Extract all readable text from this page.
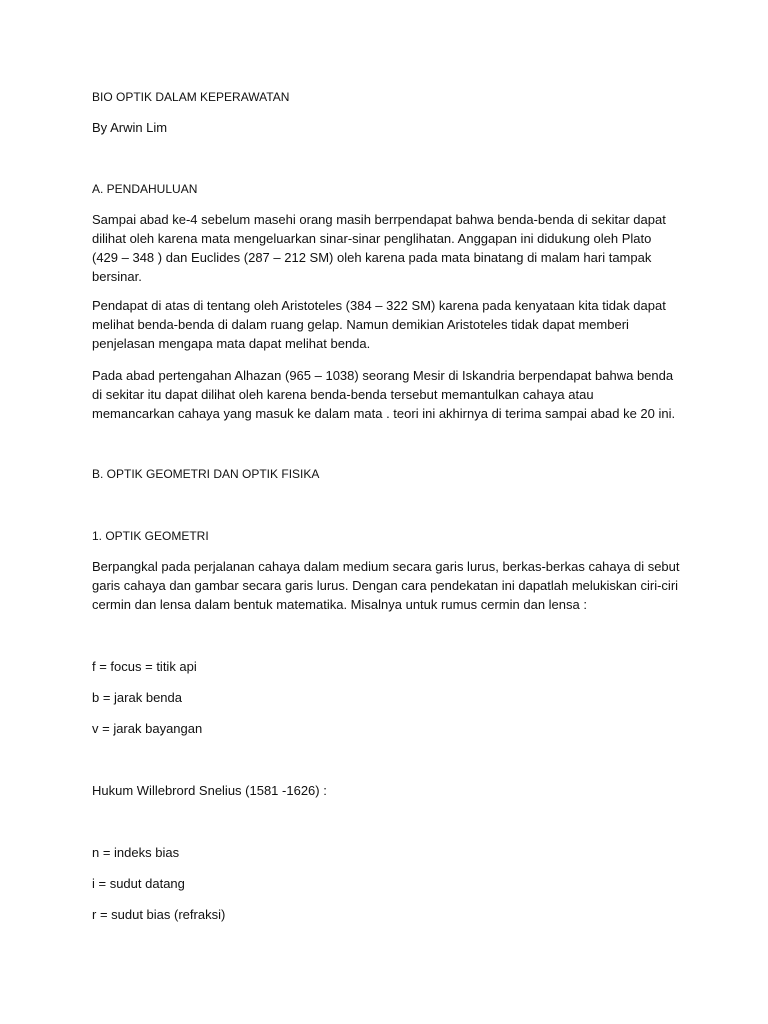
BIO OPTIK DALAM KEPERAWATAN
By Arwin Lim
A. PENDAHULUAN
Sampai abad ke-4 sebelum masehi orang masih berrpendapat bahwa benda-benda di sekitar dapat
dilihat oleh karena mata mengeluarkan sinar-sinar penglihatan. Anggapan ini didukung oleh Plato
(429 – 348 ) dan Euclides (287 – 212 SM) oleh karena pada mata binatang di malam hari tampak
bersinar.
Pendapat di atas di tentang oleh Aristoteles (384 – 322 SM) karena pada kenyataan kita tidak dapat
melihat benda-benda di dalam ruang gelap. Namun demikian Aristoteles tidak dapat memberi
penjelasan mengapa mata dapat melihat benda.
Pada abad pertengahan Alhazan (965 – 1038) seorang Mesir di Iskandria berpendapat bahwa benda
di sekitar itu dapat dilihat oleh karena benda-benda tersebut memantulkan cahaya atau
memancarkan cahaya yang masuk ke dalam mata . teori ini akhirnya di terima sampai abad ke 20 ini.
B. OPTIK GEOMETRI DAN OPTIK FISIKA
1. OPTIK GEOMETRI
Berpangkal pada perjalanan cahaya dalam medium secara garis lurus, berkas-berkas cahaya di sebut
garis cahaya dan gambar secara garis lurus. Dengan cara pendekatan ini dapatlah melukiskan ciri-ciri
cermin dan lensa dalam bentuk matematika. Misalnya untuk rumus cermin dan lensa :
f = focus = titik api
b = jarak benda
v = jarak bayangan
Hukum Willebrord Snelius (1581 -1626) :
n = indeks bias
i = sudut datang
r = sudut bias (refraksi)
